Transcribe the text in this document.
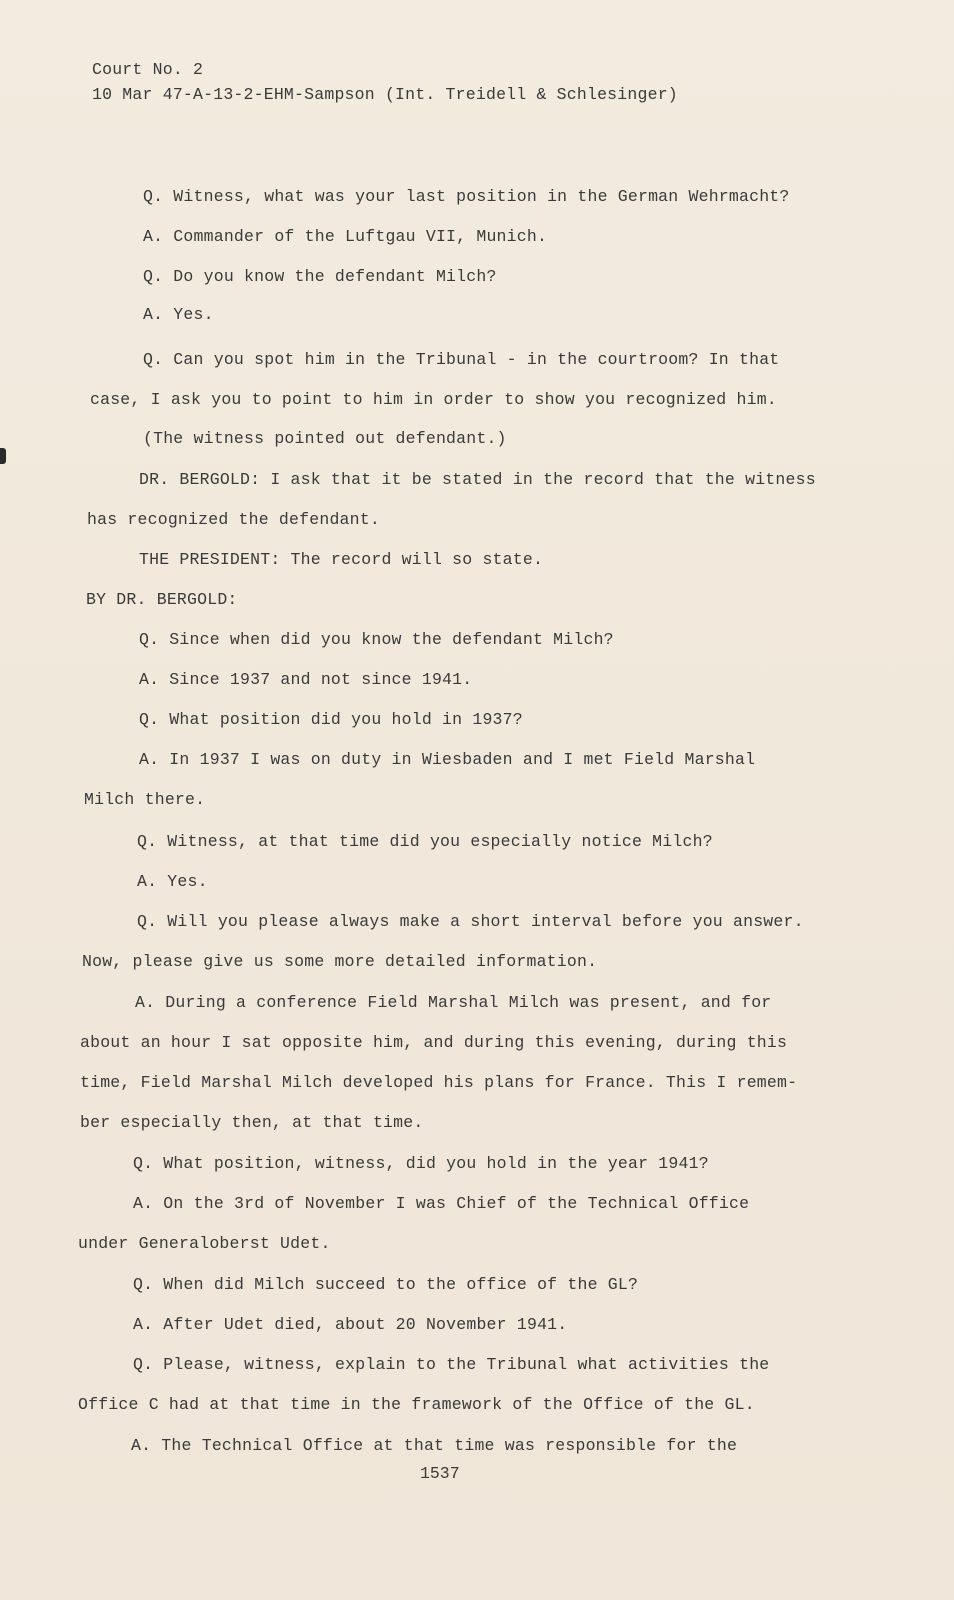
Court No. 2
10 Mar 47-A-13-2-EHM-Sampson (Int. Treidell & Schlesinger)
Q. Witness, what was your last position in the German Wehrmacht?
A. Commander of the Luftgau VII, Munich.
Q. Do you know the defendant Milch?
A. Yes.
Q. Can you spot him in the Tribunal - in the courtroom? In that
case, I ask you to point to him in order to show you recognized him.
(The witness pointed out defendant.)
DR. BERGOLD: I ask that it be stated in the record that the witness
has recognized the defendant.
THE PRESIDENT: The record will so state.
BY DR. BERGOLD:
Q. Since when did you know the defendant Milch?
A. Since 1937 and not since 1941.
Q. What position did you hold in 1937?
A. In 1937 I was on duty in Wiesbaden and I met Field Marshal
Milch there.
Q. Witness, at that time did you especially notice Milch?
A. Yes.
Q. Will you please always make a short interval before you answer.
Now, please give us some more detailed information.
A. During a conference Field Marshal Milch was present, and for
about an hour I sat opposite him, and during this evening, during this
time, Field Marshal Milch developed his plans for France. This I remem-
ber especially then, at that time.
Q. What position, witness, did you hold in the year 1941?
A. On the 3rd of November I was Chief of the Technical Office
under Generaloberst Udet.
Q. When did Milch succeed to the office of the GL?
A. After Udet died, about 20 November 1941.
Q. Please, witness, explain to the Tribunal what activities the
Office C had at that time in the framework of the Office of the GL.
A. The Technical Office at that time was responsible for the
1537
